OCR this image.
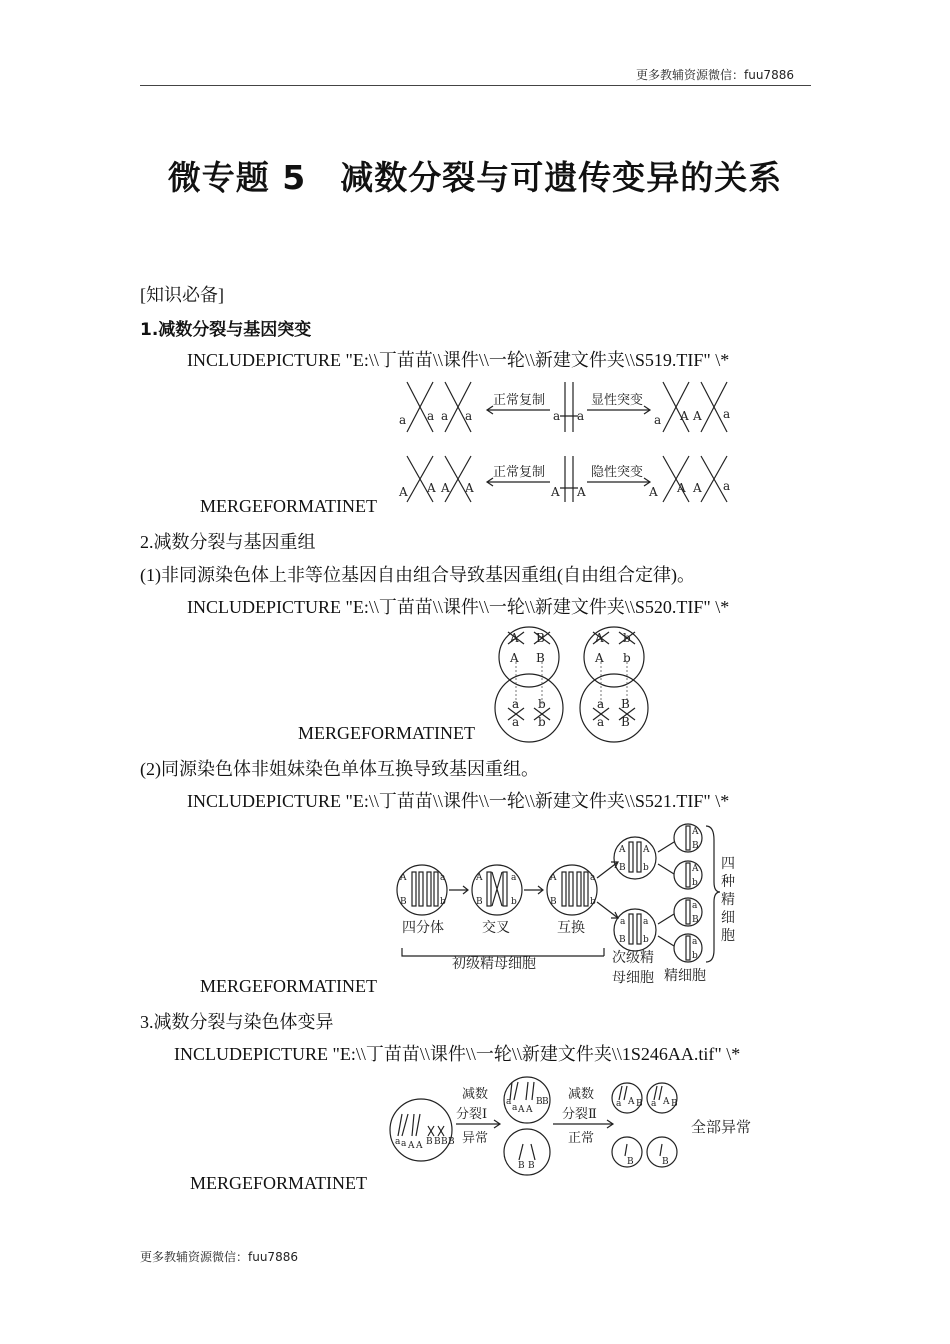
更多教辅资源微信：fuu7886
微专题 5　减数分裂与可遗传变异的关系
[知识必备]
1.减数分裂与基因突变
INCLUDEPICTURE "E:\\丁苗苗\\课件\\一轮\\新建文件夹\\S519.TIF" \*
a a a a	a a	a A A a
A A A A	A A	A A A a
正常复制	显性突变
正常复制	隐性突变
MERGEFORMATINET
2.减数分裂与基因重组
(1)非同源染色体上非等位基因自由组合导致基因重组(自由组合定律)。
INCLUDEPICTURE "E:\\丁苗苗\\课件\\一轮\\新建文件夹\\S520.TIF" \*
A B
A B
a b
a b
A b
A b
a B
a B
MERGEFORMATINET
(2)同源染色体非姐妹染色单体互换导致基因重组。
INCLUDEPICTURE "E:\\丁苗苗\\课件\\一轮\\新建文件夹\\S521.TIF" \*
A
B
a
b
A
B
a
b
A
B
a
b
A A
B b
a a
B b
A
B
A
b
a
B
a
b
四分体	交叉	互换
初级精母细胞	次级精
母细胞 精细胞
四
种
精
细
胞
MERGEFORMATINET
3.减数分裂与染色体变异
INCLUDEPICTURE "E:\\丁苗苗\\课件\\一轮\\新建文件夹\\1S246AA.tif" \*
a a A A B B B B
a
a A A
B B
B B
a A B a A B
B	B
减数
分裂Ⅰ
异常
减数
分裂Ⅱ
正常
全部异常
MERGEFORMATINET
更多教辅资源微信：fuu7886
